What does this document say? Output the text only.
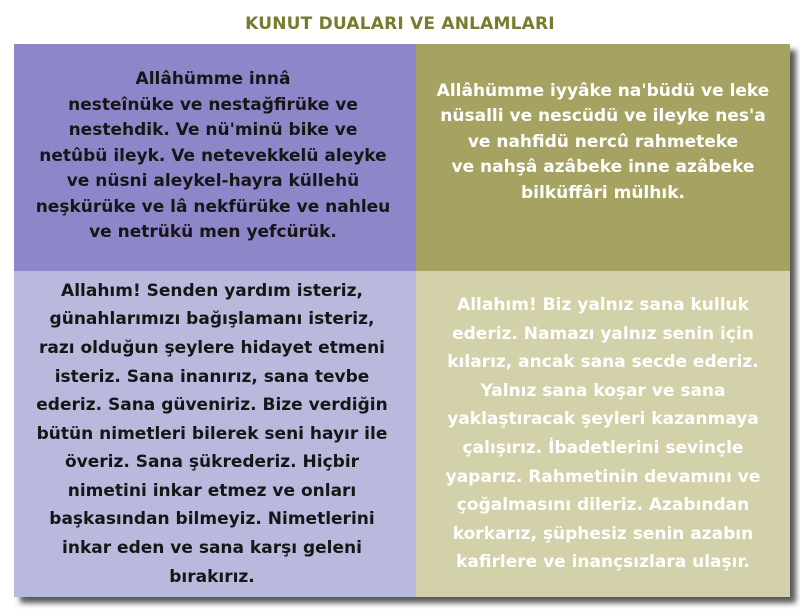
KUNUT DUALARI VE ANLAMLARI
Allâhümme innâ
nesteînüke ve nestağfirüke ve
nestehdik. Ve nü'minü bike ve
netûbü ileyk. Ve netevekkelü aleyke
ve nüsni aleykel-hayra küllehü
neşkürüke ve lâ nekfürüke ve nahleu
ve netrükü men yefcürük.
Allâhümme iyyâke na'büdü ve leke
nüsalli ve nescüdü ve ileyke nes'a
ve nahfidü nercû rahmeteke
ve nahşâ azâbeke inne azâbeke
bilküffâri mülhık.
Allahım! Senden yardım isteriz,
günahlarımızı bağışlamanı isteriz,
razı olduğun şeylere hidayet etmeni
isteriz. Sana inanırız, sana tevbe
ederiz. Sana güveniriz. Bize verdiğin
bütün nimetleri bilerek seni hayır ile
överiz. Sana şükrederiz. Hiçbir
nimetini inkar etmez ve onları
başkasından bilmeyiz. Nimetlerini
inkar eden ve sana karşı geleni
bırakırız.
Allahım! Biz yalnız sana kulluk
ederiz. Namazı yalnız senin için
kılarız, ancak sana secde ederiz.
Yalnız sana koşar ve sana
yaklaştıracak şeyleri kazanmaya
çalışırız. İbadetlerini sevinçle
yaparız. Rahmetinin devamını ve
çoğalmasını dileriz. Azabından
korkarız, şüphesiz senin azabın
kafirlere ve inançsızlara ulaşır.
